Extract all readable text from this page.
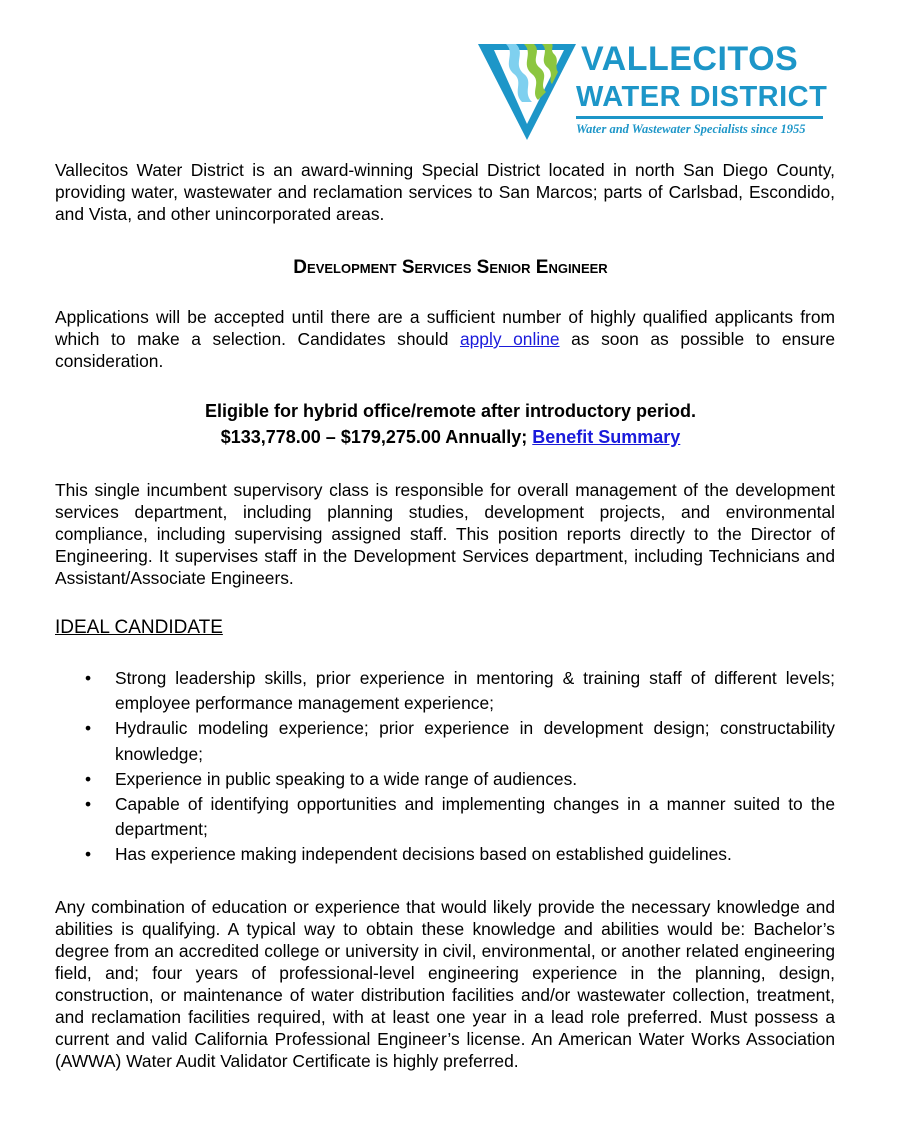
VALLECITOS
WATER DISTRICT
Water and Wastewater Specialists since 1955

Vallecitos Water District is an award-winning Special District located in north San Diego County, providing water, wastewater and reclamation services to San Marcos; parts of Carlsbad, Escondido, and Vista, and other unincorporated areas.

Development Services Senior Engineer

Applications will be accepted until there are a sufficient number of highly qualified applicants from which to make a selection. Candidates should apply online as soon as possible to ensure consideration.

Eligible for hybrid office/remote after introductory period.
$133,778.00 – $179,275.00 Annually; Benefit Summary

This single incumbent supervisory class is responsible for overall management of the development services department, including planning studies, development projects, and environmental compliance, including supervising assigned staff. This position reports directly to the Director of Engineering. It supervises staff in the Development Services department, including Technicians and Assistant/Associate Engineers.

IDEAL CANDIDATE
• Strong leadership skills, prior experience in mentoring & training staff of different levels; employee performance management experience;
• Hydraulic modeling experience; prior experience in development design; constructability knowledge;
• Experience in public speaking to a wide range of audiences.
• Capable of identifying opportunities and implementing changes in a manner suited to the department;
• Has experience making independent decisions based on established guidelines.

Any combination of education or experience that would likely provide the necessary knowledge and abilities is qualifying. A typical way to obtain these knowledge and abilities would be: Bachelor’s degree from an accredited college or university in civil, environmental, or another related engineering field, and; four years of professional-level engineering experience in the planning, design, construction, or maintenance of water distribution facilities and/or wastewater collection, treatment, and reclamation facilities required, with at least one year in a lead role preferred. Must possess a current and valid California Professional Engineer’s license. An American Water Works Association (AWWA) Water Audit Validator Certificate is highly preferred.
